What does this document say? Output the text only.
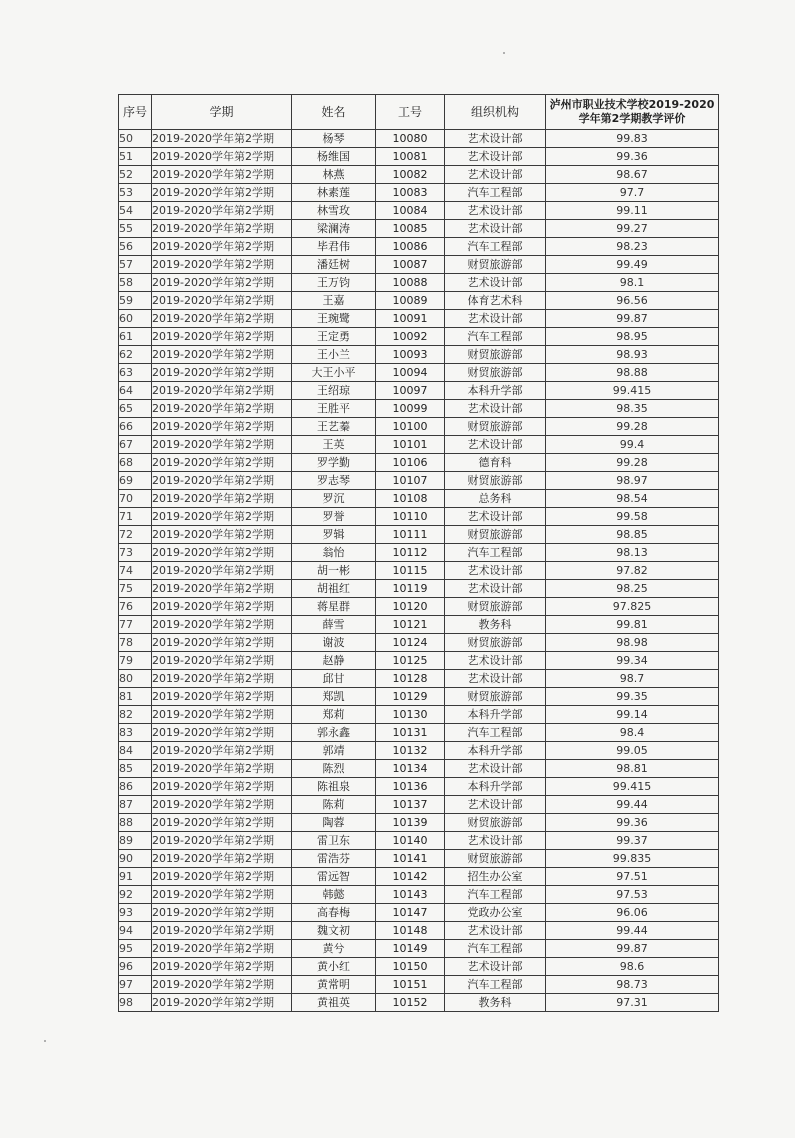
序号	学期	姓名	工号	组织机构	泸州市职业技术学校2019-2020学年第2学期教学评价
50	2019-2020学年第2学期	杨琴	10080	艺术设计部	99.83
51	2019-2020学年第2学期	杨维国	10081	艺术设计部	99.36
52	2019-2020学年第2学期	林燕	10082	艺术设计部	98.67
53	2019-2020学年第2学期	林素莲	10083	汽车工程部	97.7
54	2019-2020学年第2学期	林雪玫	10084	艺术设计部	99.11
55	2019-2020学年第2学期	梁澜涛	10085	艺术设计部	99.27
56	2019-2020学年第2学期	毕君伟	10086	汽车工程部	98.23
57	2019-2020学年第2学期	潘廷树	10087	财贸旅游部	99.49
58	2019-2020学年第2学期	王万钧	10088	艺术设计部	98.1
59	2019-2020学年第2学期	王嘉	10089	体育艺术科	96.56
60	2019-2020学年第2学期	王琬鹭	10091	艺术设计部	99.87
61	2019-2020学年第2学期	王定勇	10092	汽车工程部	98.95
62	2019-2020学年第2学期	王小兰	10093	财贸旅游部	98.93
63	2019-2020学年第2学期	大王小平	10094	财贸旅游部	98.88
64	2019-2020学年第2学期	王绍琼	10097	本科升学部	99.415
65	2019-2020学年第2学期	王胜平	10099	艺术设计部	98.35
66	2019-2020学年第2学期	王艺蓁	10100	财贸旅游部	99.28
67	2019-2020学年第2学期	王英	10101	艺术设计部	99.4
68	2019-2020学年第2学期	罗学勤	10106	德育科	99.28
69	2019-2020学年第2学期	罗志琴	10107	财贸旅游部	98.97
70	2019-2020学年第2学期	罗沉	10108	总务科	98.54
71	2019-2020学年第2学期	罗誉	10110	艺术设计部	99.58
72	2019-2020学年第2学期	罗辑	10111	财贸旅游部	98.85
73	2019-2020学年第2学期	翁怡	10112	汽车工程部	98.13
74	2019-2020学年第2学期	胡一彬	10115	艺术设计部	97.82
75	2019-2020学年第2学期	胡祖红	10119	艺术设计部	98.25
76	2019-2020学年第2学期	蒋星群	10120	财贸旅游部	97.825
77	2019-2020学年第2学期	薛雪	10121	教务科	99.81
78	2019-2020学年第2学期	谢波	10124	财贸旅游部	98.98
79	2019-2020学年第2学期	赵静	10125	艺术设计部	99.34
80	2019-2020学年第2学期	邱甘	10128	艺术设计部	98.7
81	2019-2020学年第2学期	郑凯	10129	财贸旅游部	99.35
82	2019-2020学年第2学期	郑莉	10130	本科升学部	99.14
83	2019-2020学年第2学期	郭永鑫	10131	汽车工程部	98.4
84	2019-2020学年第2学期	郭靖	10132	本科升学部	99.05
85	2019-2020学年第2学期	陈烈	10134	艺术设计部	98.81
86	2019-2020学年第2学期	陈祖泉	10136	本科升学部	99.415
87	2019-2020学年第2学期	陈莉	10137	艺术设计部	99.44
88	2019-2020学年第2学期	陶蓉	10139	财贸旅游部	99.36
89	2019-2020学年第2学期	雷卫东	10140	艺术设计部	99.37
90	2019-2020学年第2学期	雷浩芬	10141	财贸旅游部	99.835
91	2019-2020学年第2学期	雷远智	10142	招生办公室	97.51
92	2019-2020学年第2学期	韩懿	10143	汽车工程部	97.53
93	2019-2020学年第2学期	高春梅	10147	党政办公室	96.06
94	2019-2020学年第2学期	魏文初	10148	艺术设计部	99.44
95	2019-2020学年第2学期	黄兮	10149	汽车工程部	99.87
96	2019-2020学年第2学期	黄小红	10150	艺术设计部	98.6
97	2019-2020学年第2学期	黄常明	10151	汽车工程部	98.73
98	2019-2020学年第2学期	黄祖英	10152	教务科	97.31
